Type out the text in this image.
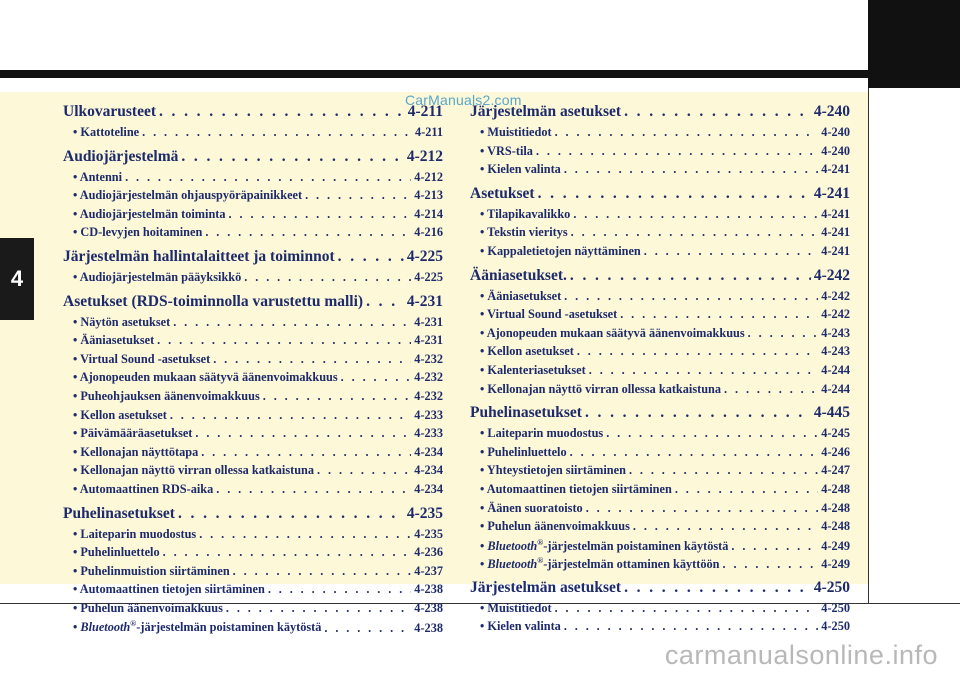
4
Ulkovarusteet . . .	4-211
• Kattoteline . . .	4-211
Audiojärjestelmä . . .	4-212
• Antenni . . .	4-212
• Audiojärjestelmän ohjauspyöräpainikkeet . . .	4-213
• Audiojärjestelmän toiminta . . .	4-214
• CD-levyjen hoitaminen . . .	4-216
Järjestelmän hallintalaitteet ja toiminnot . . .	4-225
• Audiojärjestelmän pääyksikkö . . .	4-225
Asetukset (RDS-toiminnolla varustettu malli) . . .	4-231
• Näytön asetukset . . .	4-231
• Ääniasetukset . . .	4-231
• Virtual Sound -asetukset . . .	4-232
• Ajonopeuden mukaan säätyvä äänenvoimakkuus . . .	4-232
• Puheohjauksen äänenvoimakkuus . . .	4-232
• Kellon asetukset . . .	4-233
• Päivämääräasetukset . . .	4-233
• Kellonajan näyttötapa . . .	4-234
• Kellonajan näyttö virran ollessa katkaistuna . . .	4-234
• Automaattinen RDS-aika . . .	4-234
Puhelinasetukset . . .	4-235
• Laiteparin muodostus . . .	4-235
• Puhelinluettelo . . .	4-236
• Puhelinmuistion siirtäminen . . .	4-237
• Automaattinen tietojen siirtäminen . . .	4-238
• Puhelun äänenvoimakkuus . . .	4-238
• Bluetooth®-järjestelmän poistaminen käytöstä . . .	4-238
Järjestelmän asetukset . . .	4-240
• Muistitiedot . . .	4-240
• VRS-tila . . .	4-240
• Kielen valinta . . .	4-241
Asetukset . . .	4-241
• Tilapikavalikko . . .	4-241
• Tekstin vieritys . . .	4-241
• Kappaletietojen näyttäminen . . .	4-241
Ääniasetukset. . . .	4-242
• Ääniasetukset . . .	4-242
• Virtual Sound -asetukset . . .	4-242
• Ajonopeuden mukaan säätyvä äänenvoimakkuus . . .	4-243
• Kellon asetukset . . .	4-243
• Kalenteriasetukset . . .	4-244
• Kellonajan näyttö virran ollessa katkaistuna . . .	4-244
Puhelinasetukset . . .	4-445
• Laiteparin muodostus . . .	4-245
• Puhelinluettelo . . .	4-246
• Yhteystietojen siirtäminen . . .	4-247
• Automaattinen tietojen siirtäminen . . .	4-248
• Äänen suoratoisto . . .	4-248
• Puhelun äänenvoimakkuus . . .	4-248
• Bluetooth®-järjestelmän poistaminen käytöstä . . .	4-249
• Bluetooth®-järjestelmän ottaminen käyttöön . . .	4-249
Järjestelmän asetukset . . .	4-250
• Muistitiedot . . .	4-250
• Kielen valinta . . .	4-250
CarManuals2.com
carmanualsonline.info
